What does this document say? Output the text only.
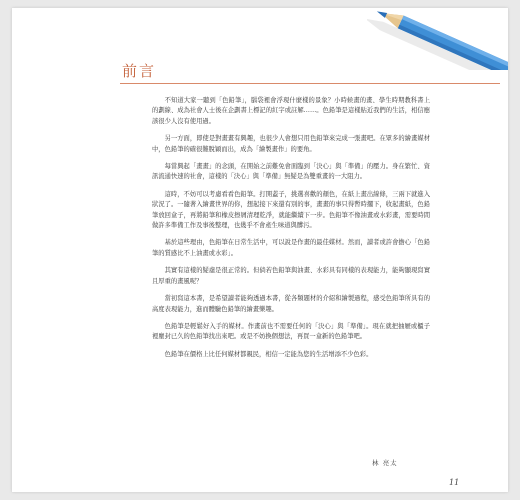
前言

不知道大家一聽到「色鉛筆」，腦袋裡會浮現什麼樣的景象？小時候畫的畫、學生時期教科書上的劃線、成為社會人士後在企劃書上標記的紅字或註解……。色鉛筆是這樣貼近我們的生活，相信應該很少人沒有使用過。

另一方面，即使是對畫畫有興趣，也很少人會想只用色鉛筆來完成一張畫吧。在眾多的繪畫媒材中，色鉛筆的確很難脫穎而出，成為「繪製畫作」的要角。

每當興起「畫畫」的念頭，在開始之前難免會面臨到「決心」與「準備」的壓力。身在繁忙、資訊流通快速的社會，這樣的「決心」與「準備」無疑是為雙重畫的一大阻力。

這時，不妨可以考慮看看色鉛筆。打開蓋子，挑選喜歡的顏色，在紙上畫出線條，三兩下就進入狀況了。一隨著入繪畫世界的你，想起接下來還有別的事，畫畫的事只得暫時擱下，收起畫紙，色鉛筆放回盒子，再將鉛筆和橡皮擦屑清理乾淨，就能繼續下一步。色鉛筆不像油畫或水彩畫，需要時間做許多準備工作及事後整理，也幾乎不會產生味道與髒污。

基於這些理由，色鉛筆在日常生活中，可以說是作畫的最佳媒材。然而，讀者或許會擔心「色鉛筆的質感比不上油畫或水彩」。

其實有這樣的疑慮是很正常的。但倘若色鉛筆與油畫、水彩具有同樣的表現能力，能夠顯現寫實且厚重的畫風呢？

當初寫這本書，是希望讀者能夠透過本書，從各類題材的介紹和繪製過程，感受色鉛筆所具有的高度表現能力，進而體驗色鉛筆的繪畫樂趣。

色鉛筆是輕鬆好入手的媒材。作畫前也不需要任何的「決心」與「準備」。現在就把抽屜或櫃子裡塵封已久的色鉛筆找出來吧。或是不妨換個想法，再買一盒新的色鉛筆吧。

色鉛筆在價格上比任何媒材都親民，相信一定能為您的生活增添不少色彩。

林 亮太
11
